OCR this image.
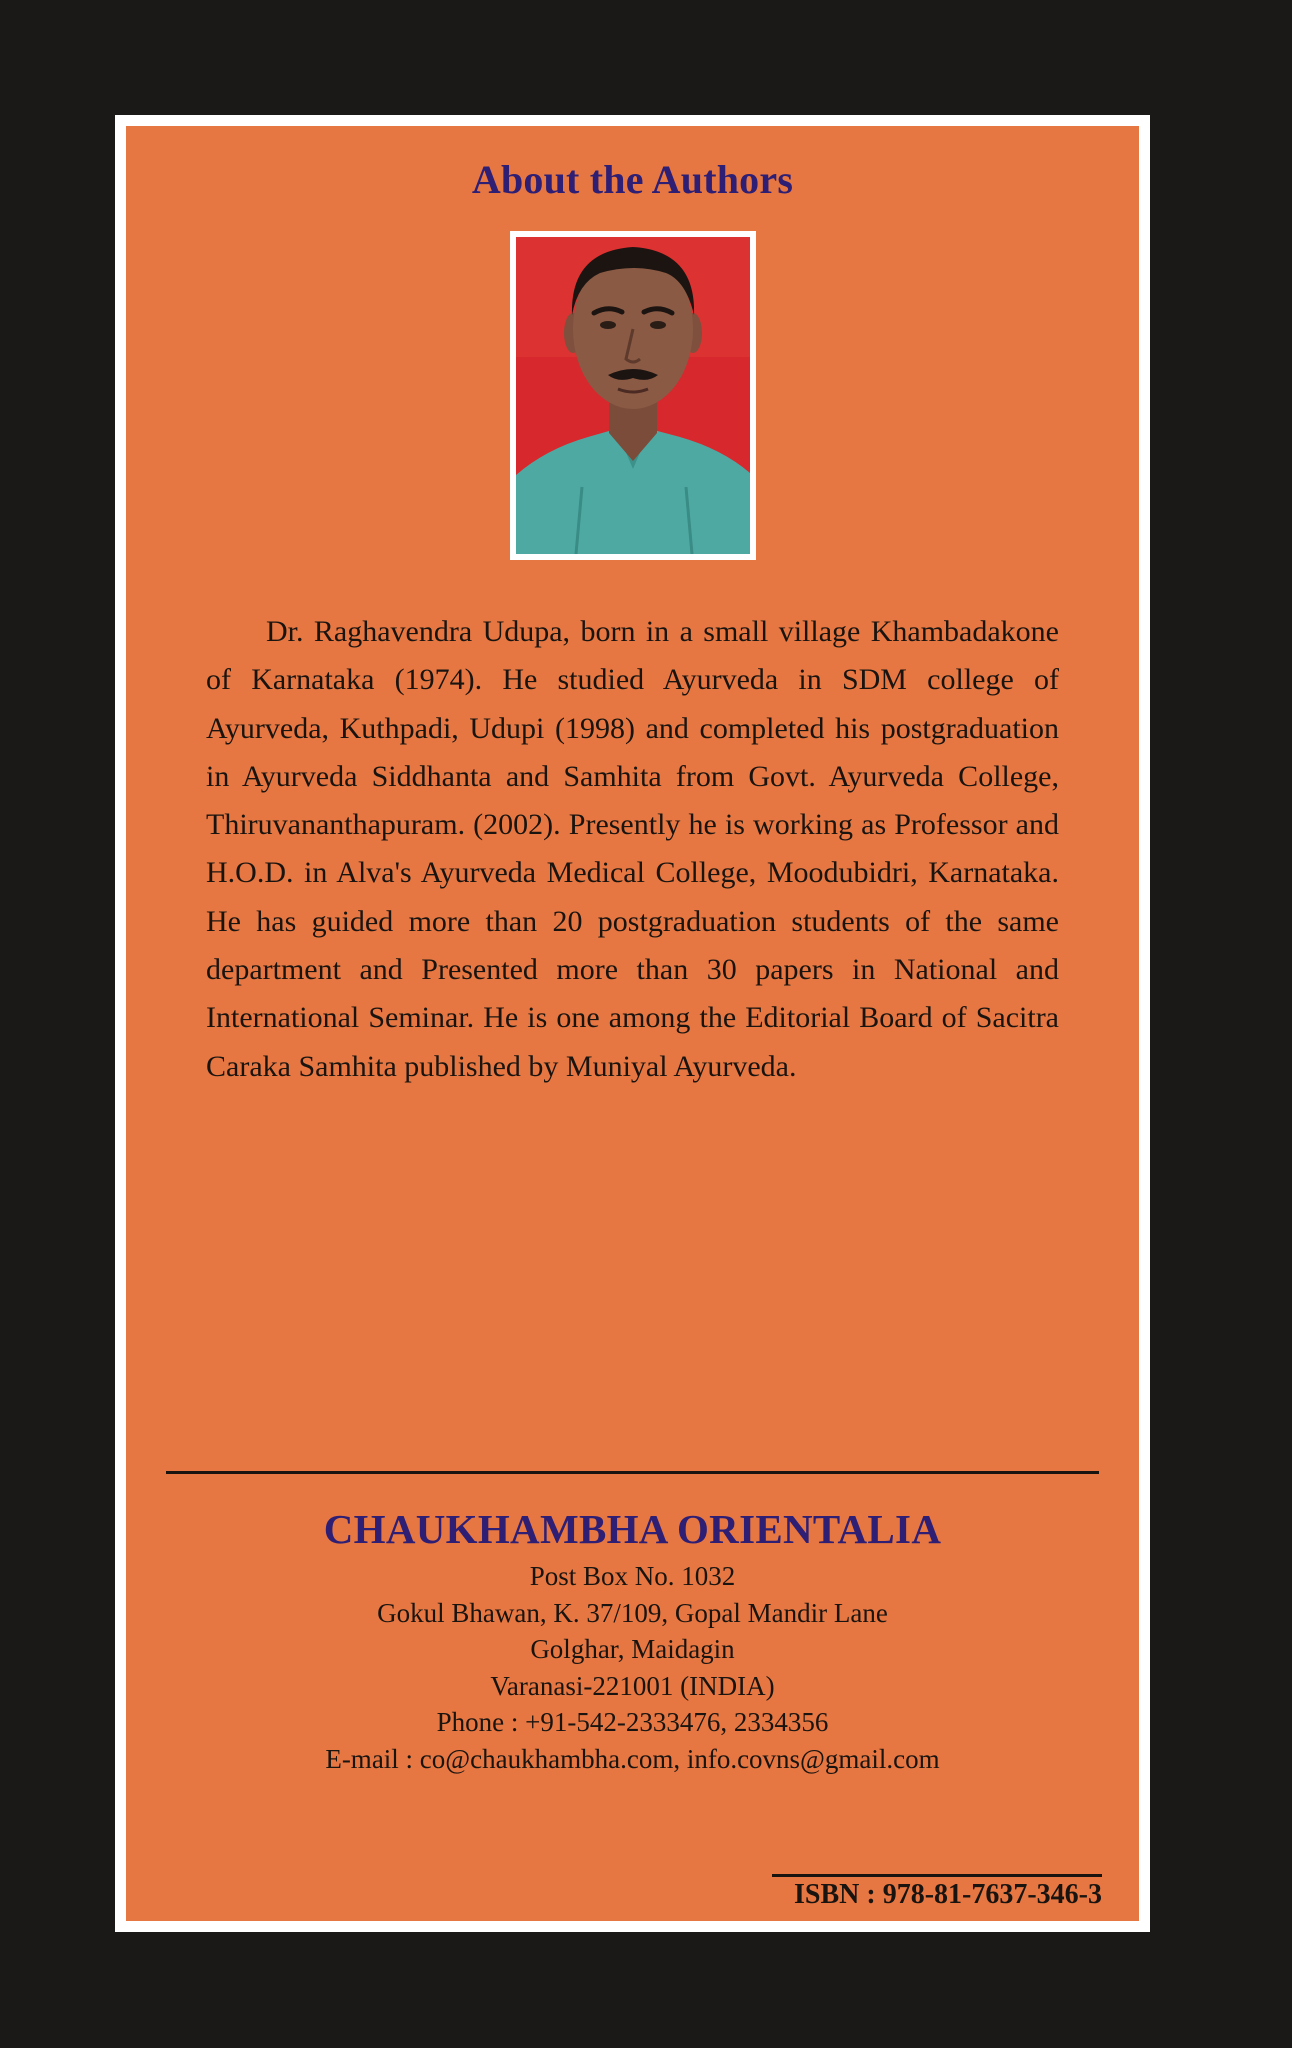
About the Authors

Dr. Raghavendra Udupa, born in a small village Khambadakone of Karnataka (1974). He studied Ayurveda in SDM college of Ayurveda, Kuthpadi, Udupi (1998) and completed his postgraduation in Ayurveda Siddhanta and Samhita from Govt. Ayurveda College, Thiruvananthapuram. (2002). Presently he is working as Professor and H.O.D. in Alva's Ayurveda Medical College, Moodubidri, Karnataka. He has guided more than 20 postgraduation students of the same department and Presented more than 30 papers in National and International Seminar. He is one among the Editorial Board of Sacitra Caraka Samhita published by Muniyal Ayurveda.

CHAUKHAMBHA ORIENTALIA
Post Box No. 1032
Gokul Bhawan, K. 37/109, Gopal Mandir Lane
Golghar, Maidagin
Varanasi-221001 (INDIA)
Phone : +91-542-2333476, 2334356
E-mail : co@chaukhambha.com, info.covns@gmail.com

ISBN : 978-81-7637-346-3
